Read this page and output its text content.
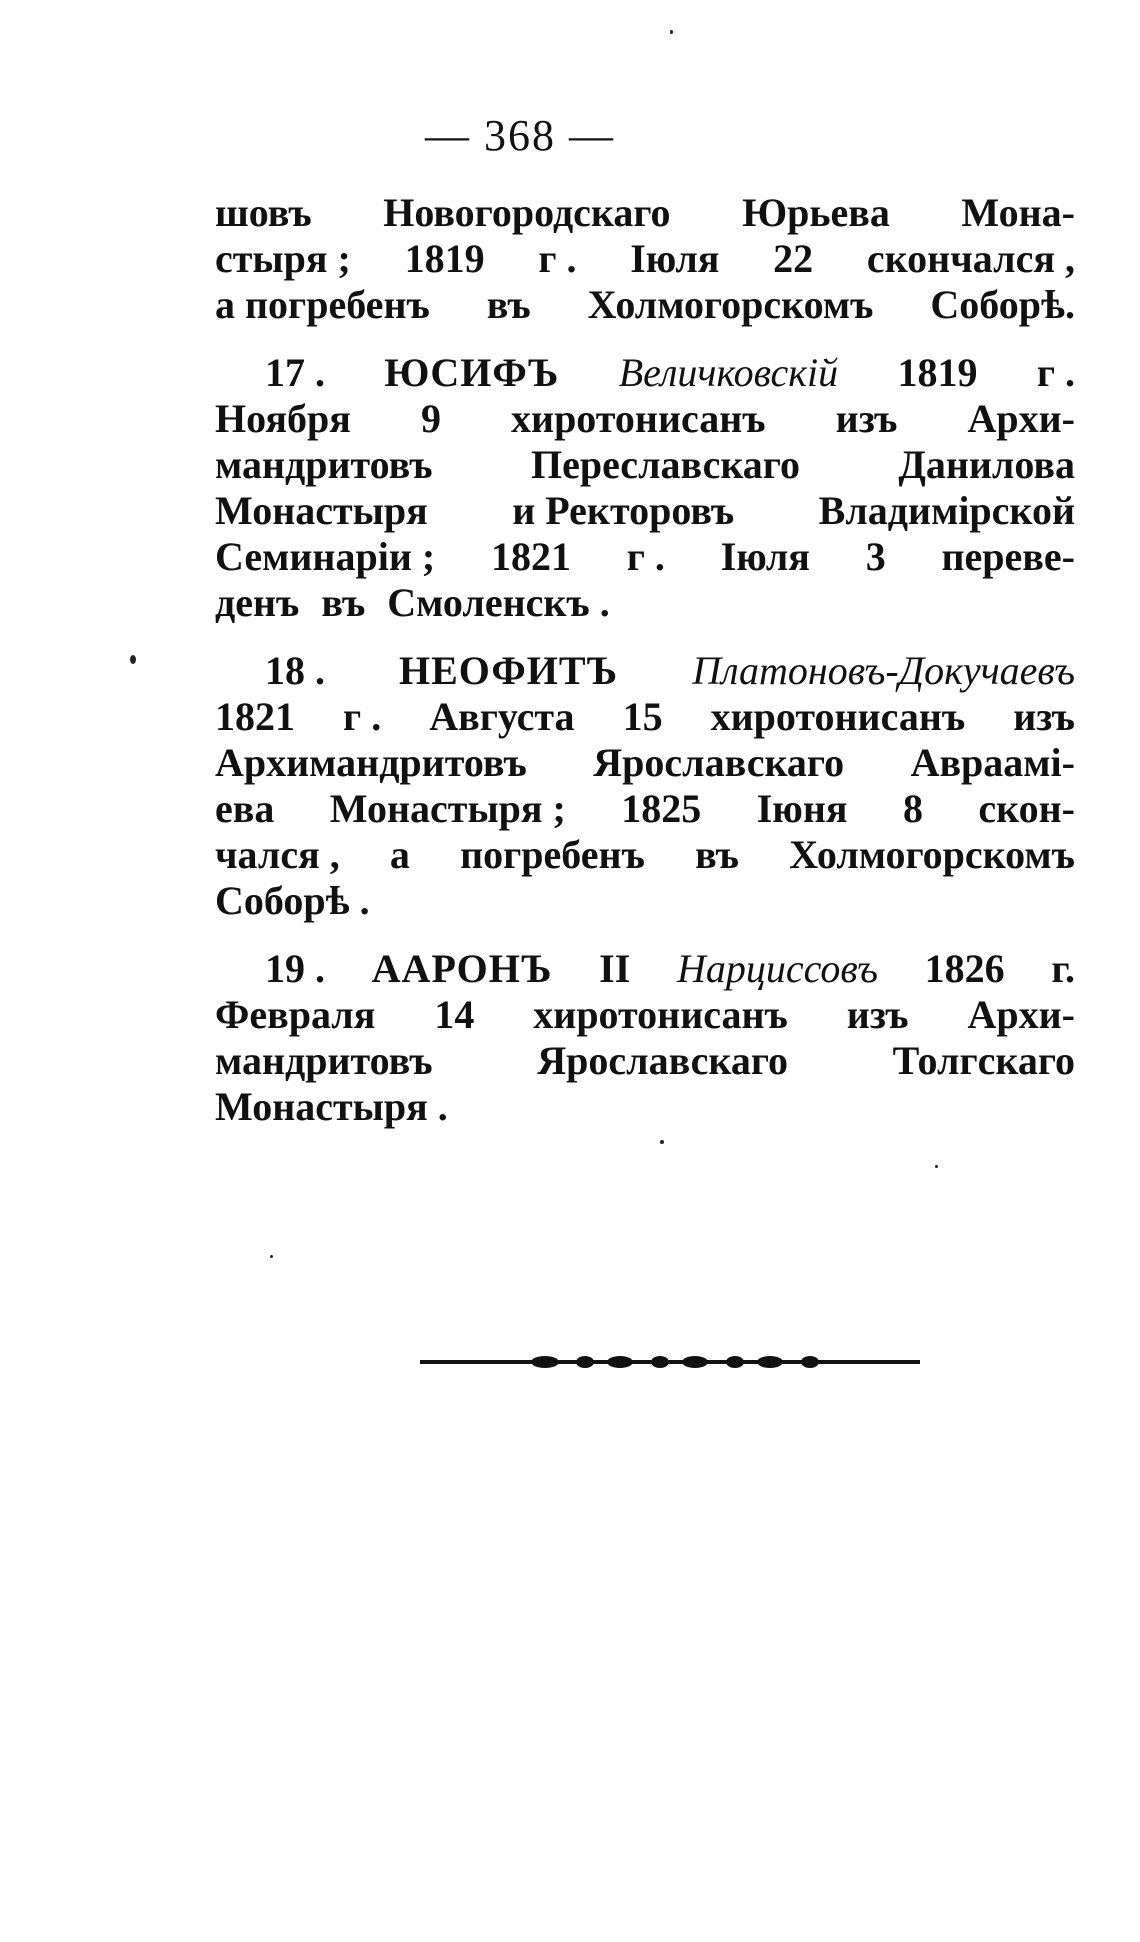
— 368 —
шовъ Новогородскаго Юрьева Мона-
стыря ; 1819 г . Іюля 22 скончался ,
а погребенъ въ Холмогорскомъ Соборѣ.
17 . ЮСИФЪ Величковскій 1819 г .
Ноября 9 хиротонисанъ изъ Архи-
мандритовъ Переславскаго Данилова
Монастыря и Ректоровъ Владимірской
Семинаріи ; 1821 г . Іюля 3 переве-
денъ въ Смоленскъ .
18 . НЕОФИТЪ Платоновъ-Докучаевъ
1821 г . Августа 15 хиротонисанъ изъ
Архимандритовъ Ярославскаго Авраамі-
ева Монастыря ; 1825 Іюня 8 скон-
чался , а погребенъ въ Холмогорскомъ
Соборѣ .
19 . ААРОНЪ II Нарциссовъ 1826 г.
Февраля 14 хиротонисанъ изъ Архи-
мандритовъ	Ярославскаго	Толгскаго
Монастыря .
